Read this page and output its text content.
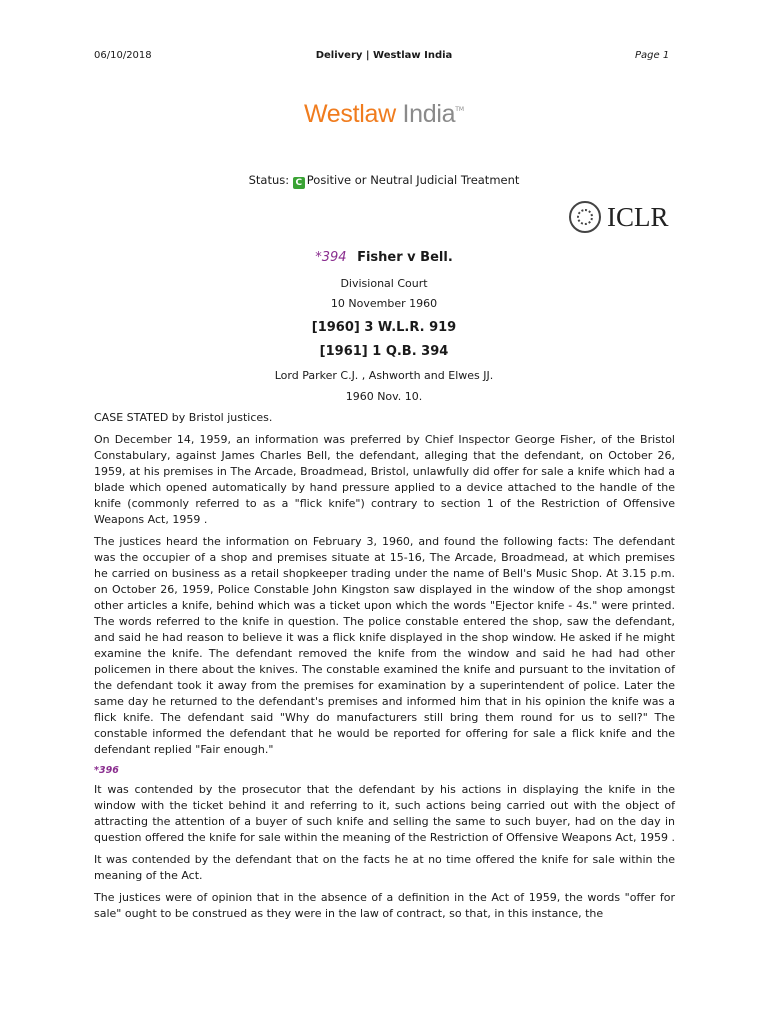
06/10/2018	Delivery | Westlaw India	Page 1
Westlaw India™
Status: C Positive or Neutral Judicial Treatment
ICLR
*394 Fisher v Bell.
Divisional Court
10 November 1960
[1960] 3 W.L.R. 919
[1961] 1 Q.B. 394
Lord Parker C.J. , Ashworth and Elwes JJ.
1960 Nov. 10.

CASE STATED by Bristol justices.

On December 14, 1959, an information was preferred by Chief Inspector George Fisher, of the Bristol Constabulary, against James Charles Bell, the defendant, alleging that the defendant, on October 26, 1959, at his premises in The Arcade, Broadmead, Bristol, unlawfully did offer for sale a knife which had a blade which opened automatically by hand pressure applied to a device attached to the handle of the knife (commonly referred to as a "flick knife") contrary to section 1 of the Restriction of Offensive Weapons Act, 1959 .

The justices heard the information on February 3, 1960, and found the following facts: The defendant was the occupier of a shop and premises situate at 15-16, The Arcade, Broadmead, at which premises he carried on business as a retail shopkeeper trading under the name of Bell's Music Shop. At 3.15 p.m. on October 26, 1959, Police Constable John Kingston saw displayed in the window of the shop amongst other articles a knife, behind which was a ticket upon which the words "Ejector knife - 4s." were printed. The words referred to the knife in question. The police constable entered the shop, saw the defendant, and said he had reason to believe it was a flick knife displayed in the shop window. He asked if he might examine the knife. The defendant removed the knife from the window and said he had had other policemen in there about the knives. The constable examined the knife and pursuant to the invitation of the defendant took it away from the premises for examination by a superintendent of police. Later the same day he returned to the defendant's premises and informed him that in his opinion the knife was a flick knife. The defendant said "Why do manufacturers still bring them round for us to sell?" The constable informed the defendant that he would be reported for offering for sale a flick knife and the defendant replied "Fair enough."

*396

It was contended by the prosecutor that the defendant by his actions in displaying the knife in the window with the ticket behind it and referring to it, such actions being carried out with the object of attracting the attention of a buyer of such knife and selling the same to such buyer, had on the day in question offered the knife for sale within the meaning of the Restriction of Offensive Weapons Act, 1959 .

It was contended by the defendant that on the facts he at no time offered the knife for sale within the meaning of the Act.

The justices were of opinion that in the absence of a definition in the Act of 1959, the words "offer for sale" ought to be construed as they were in the law of contract, so that, in this instance, the
